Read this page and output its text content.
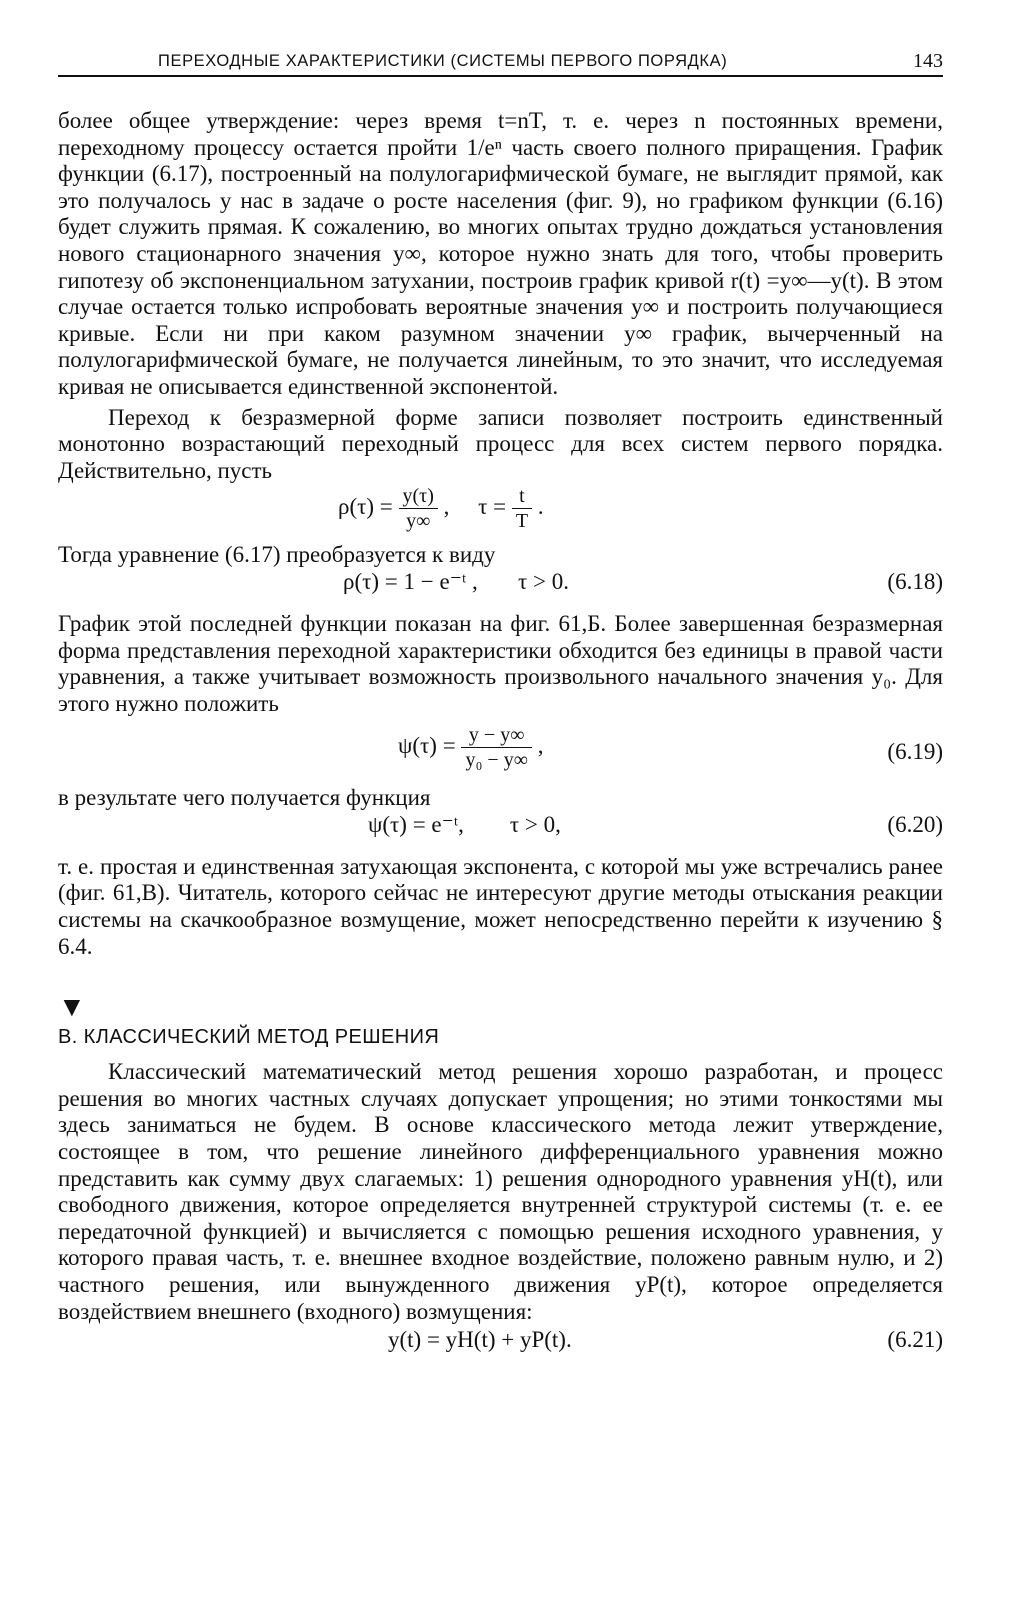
ПЕРЕХОДНЫЕ ХАРАКТЕРИСТИКИ (СИСТЕМЫ ПЕРВОГО ПОРЯДКА)	143

более общее утверждение: через время t=nT, т. е. через n постоянных времени, переходному процессу остается пройти 1/eⁿ часть своего полного приращения. График функции (6.17), построенный на полулогарифмической бумаге, не выглядит прямой, как это получалось у нас в задаче о росте населения (фиг. 9), но графиком функции (6.16) будет служить прямая. К сожалению, во многих опытах трудно дождаться установления нового стационарного значения y∞, которое нужно знать для того, чтобы проверить гипотезу об экспоненциальном затухании, построив график кривой r(t) =y∞—y(t). В этом случае остается только испробовать вероятные значения y∞ и построить получающиеся кривые. Если ни при каком разумном значении y∞ график, вычерченный на полулогарифмической бумаге, не получается линейным, то это значит, что исследуемая кривая не описывается единственной экспонентой.

Переход к безразмерной форме записи позволяет построить единственный монотонно возрастающий переходный процесс для всех систем первого порядка. Действительно, пусть

$\rho(\tau) = \frac{y(\tau)}{y\infty}$ ,     $\tau = \frac{t}{T}$ .

Тогда уравнение (6.17) преобразуется к виду

ρ(τ) = 1 − e⁻ᵗ ,       τ > 0.	(6.18)

График этой последней функции показан на фиг. 61,Б. Более завершенная безразмерная форма представления переходной характеристики обходится без единицы в правой части уравнения, а также учитывает возможность произвольного начального значения y₀. Для этого нужно положить

$\psi(\tau) = \frac{y - y\infty}{\text{y₀ − y∞}}$ ,	(6.19)

в результате чего получается функция

ψ(τ) = e⁻ᵗ,        τ > 0,	(6.20)

т. е. простая и единственная затухающая экспонента, с которой мы уже встречались ранее (фиг. 61,В). Читатель, которого сейчас не интересуют другие методы отыскания реакции системы на скачкообразное возмущение, может непосредственно перейти к изучению § 6.4.

▼
В. КЛАССИЧЕСКИЙ МЕТОД РЕШЕНИЯ

Классический математический метод решения хорошо разработан, и процесс решения во многих частных случаях допускает упрощения; но этими тонкостями мы здесь заниматься не будем. В основе классического метода лежит утверждение, состоящее в том, что решение линейного дифференциального уравнения можно представить как сумму двух слагаемых: 1) решения однородного уравнения yH(t), или свободного движения, которое определяется внутренней структурой системы (т. е. ее передаточной функцией) и вычисляется с помощью решения исходного уравнения, у которого правая часть, т. е. внешнее входное воздействие, положено равным нулю, и 2) частного решения, или вынужденного движения yP(t), которое определяется воздействием внешнего (входного) возмущения:

y(t) = yH(t) + yP(t).	(6.21)
